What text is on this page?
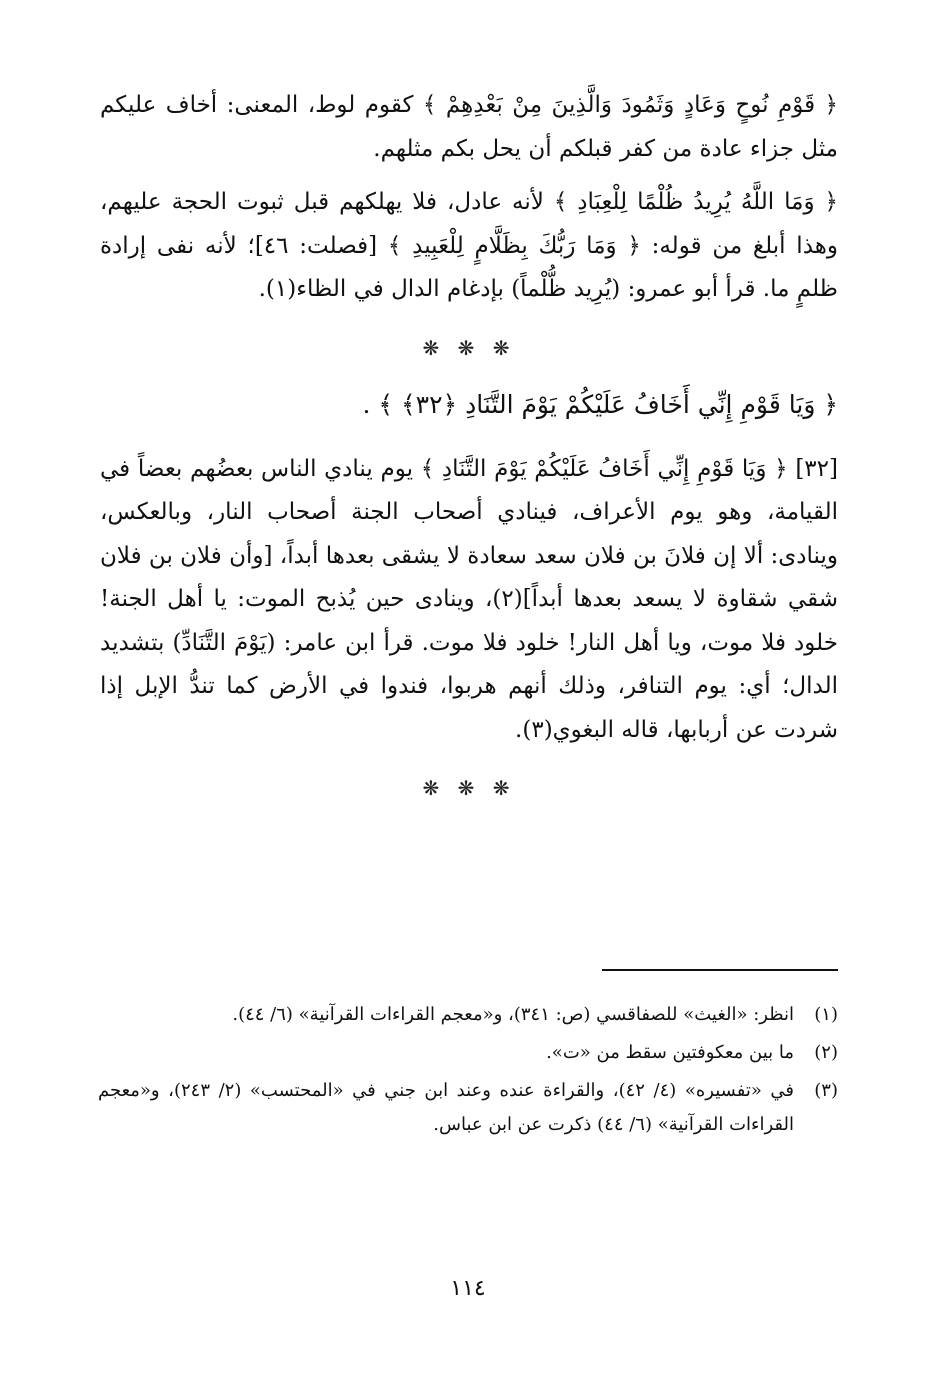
﴿ قَوْمِ نُوحٍ وَعَادٍ وَثَمُودَ وَالَّذِينَ مِنْ بَعْدِهِمْ ﴾ كقوم لوط، المعنى: أخاف عليكم مثل جزاء عادة من كفر قبلكم أن يحل بكم مثلهم.

﴿ وَمَا اللَّهُ يُرِيدُ ظُلْمًا لِلْعِبَادِ ﴾ لأنه عادل، فلا يهلكهم قبل ثبوت الحجة عليهم، وهذا أبلغ من قوله: ﴿ وَمَا رَبُّكَ بِظَلَّامٍ لِلْعَبِيدِ ﴾ [فصلت: ٤٦]؛ لأنه نفى إرادة ظلمٍ ما. قرأ أبو عمرو: (يُرِيد ظُّلْماً) بإدغام الدال في الظاء(١).

❋ ❋ ❋

﴿ وَيَا قَوْمِ إِنِّي أَخَافُ عَلَيْكُمْ يَوْمَ التَّنَادِ ﴿٣٢﴾ ﴾ .

[٣٢] ﴿ وَيَا قَوْمِ إِنِّي أَخَافُ عَلَيْكُمْ يَوْمَ التَّنَادِ ﴾ يوم ينادي الناس بعضُهم بعضاً في القيامة، وهو يوم الأعراف، فينادي أصحاب الجنة أصحاب النار، وبالعكس، وينادى: ألا إن فلانَ بن فلان سعد سعادة لا يشقى بعدها أبداً، [وأن فلان بن فلان شقي شقاوة لا يسعد بعدها أبداً](٢)، وينادى حين يُذبح الموت: يا أهل الجنة! خلود فلا موت، ويا أهل النار! خلود فلا موت. قرأ ابن عامر: (يَوْمَ التَّنَادِّ) بتشديد الدال؛ أي: يوم التنافر، وذلك أنهم هربوا، فندوا في الأرض كما تندُّ الإبل إذا شردت عن أربابها، قاله البغوي(٣).

❋ ❋ ❋

(١)
انظر: «الغيث» للصفاقسي (ص: ٣٤١)، و«معجم القراءات القرآنية» (٦/ ٤٤).
(٢)
ما بين معكوفتين سقط من «ت».
(٣)
في «تفسيره» (٤/ ٤٢)، والقراءة عنده وعند ابن جني في «المحتسب» (٢/ ٢٤٣)، و«معجم القراءات القرآنية» (٦/ ٤٤) ذكرت عن ابن عباس.
١١٤
